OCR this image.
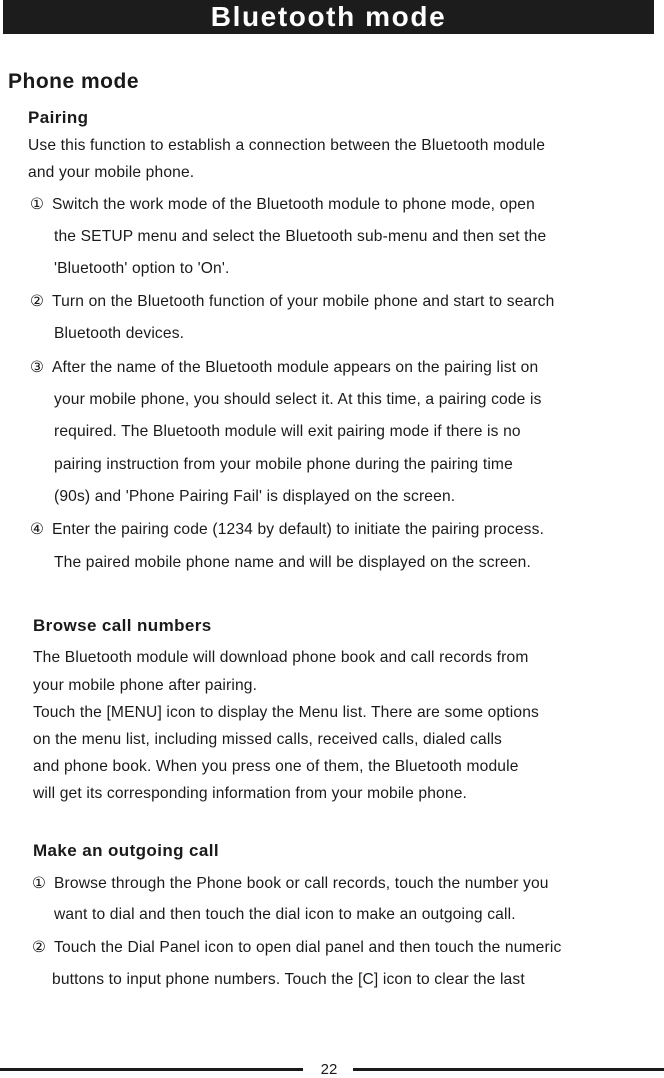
Bluetooth mode
Phone mode
Pairing
Use this function to establish a connection between the Bluetooth module
and your mobile phone.
① Switch the work mode of the Bluetooth module to phone mode, open
the SETUP menu and select the Bluetooth sub-menu and then set the
'Bluetooth' option to 'On'.
② Turn on the Bluetooth function of your mobile phone and start to search
Bluetooth devices.
③ After the name of the Bluetooth module appears on the pairing list on
your mobile phone, you should select it. At this time, a pairing code is
required. The Bluetooth module will exit pairing mode if there is no
pairing instruction from your mobile phone during the pairing time
(90s) and 'Phone Pairing Fail' is displayed on the screen.
④ Enter the pairing code (1234 by default) to initiate the pairing process.
The paired mobile phone name and will be displayed on the screen.
Browse call numbers
The Bluetooth module will download phone book and call records from
your mobile phone after pairing.
Touch the [MENU] icon to display the Menu list. There are some options
on the menu list, including missed calls, received calls, dialed calls
and phone book. When you press one of them, the Bluetooth module
will get its corresponding information from your mobile phone.
Make an outgoing call
① Browse through the Phone book or call records, touch the number you
want to dial and then touch the dial icon to make an outgoing call.
② Touch the Dial Panel icon to open dial panel and then touch the numeric
buttons to input phone numbers. Touch the [C] icon to clear the last
22
